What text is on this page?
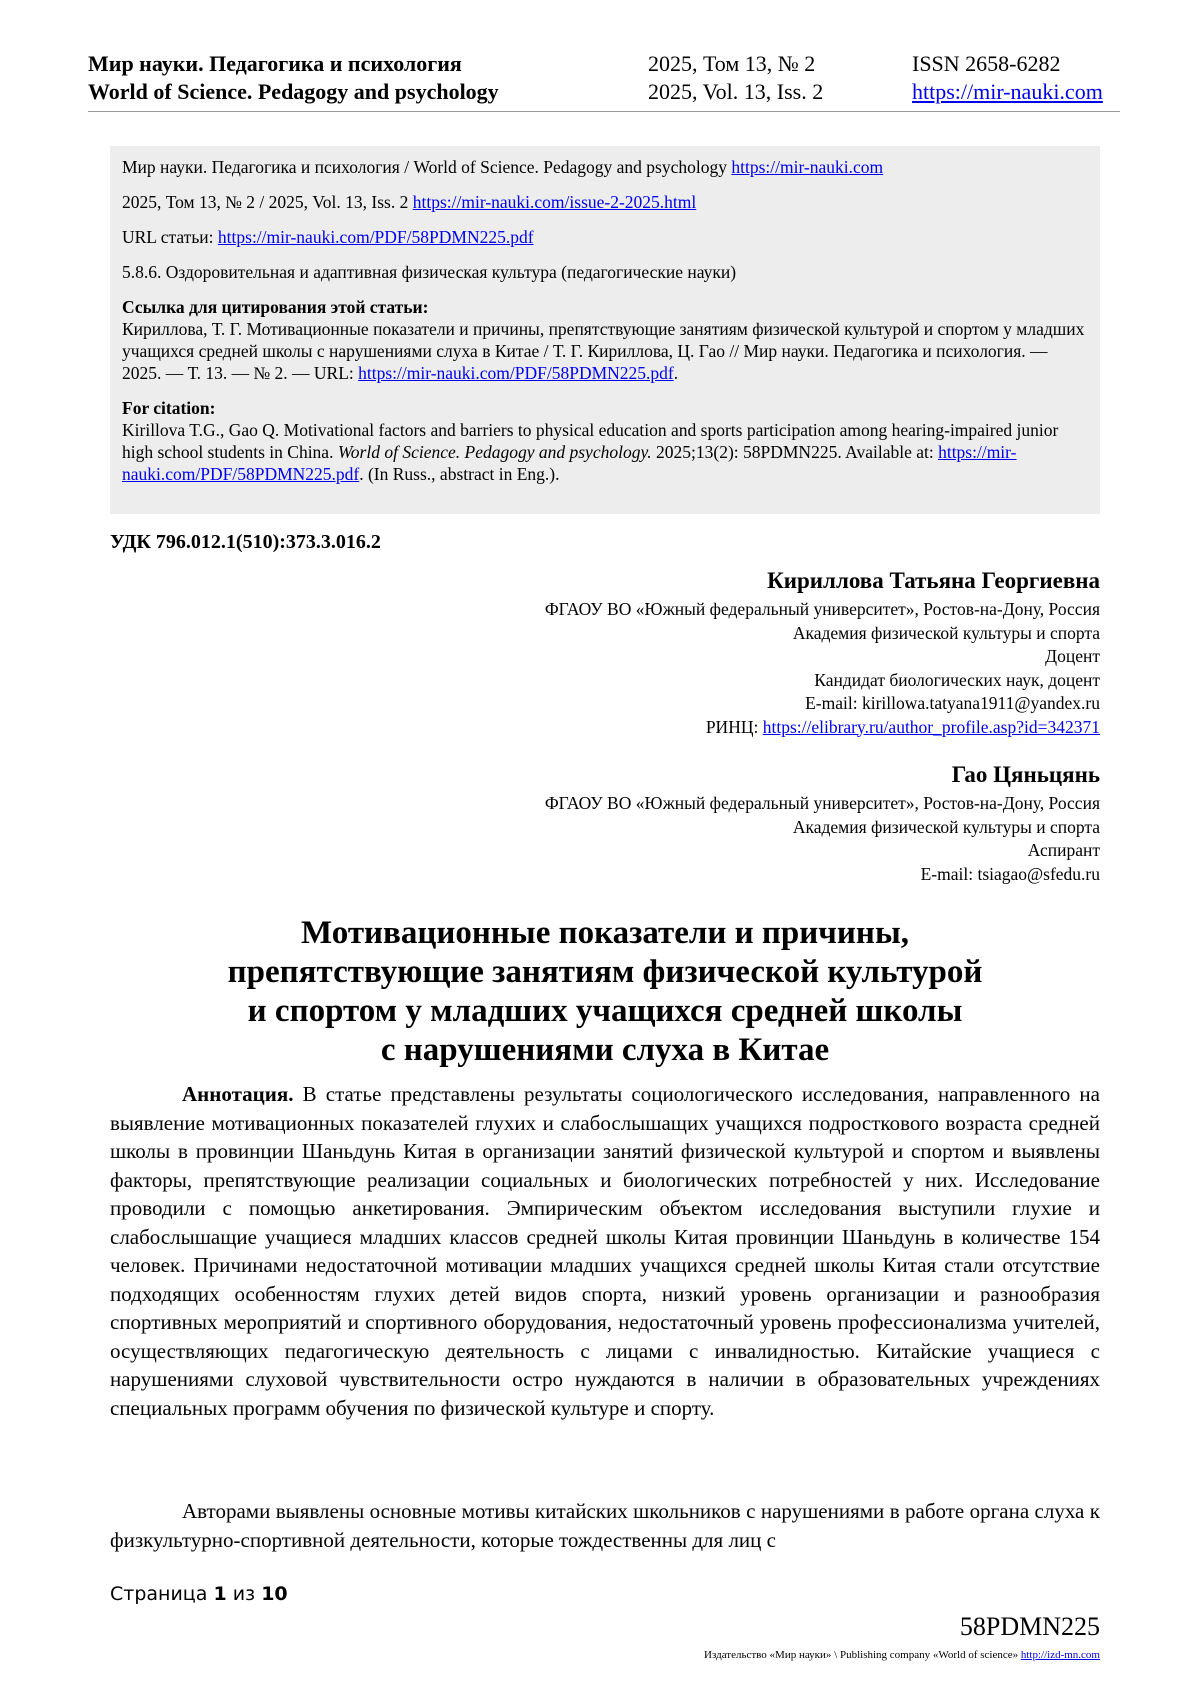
Мир науки. Педагогика и психология
World of Science. Pedagogy and psychology
2025, Том 13, № 2
2025, Vol. 13, Iss. 2
ISSN 2658-6282
https://mir-nauki.com

Мир науки. Педагогика и психология / World of Science. Pedagogy and psychology https://mir-nauki.com

2025, Том 13, № 2 / 2025, Vol. 13, Iss. 2 https://mir-nauki.com/issue-2-2025.html

URL статьи: https://mir-nauki.com/PDF/58PDMN225.pdf

5.8.6. Оздоровительная и адаптивная физическая культура (педагогические науки)

Ссылка для цитирования этой статьи:

Кириллова, Т. Г. Мотивационные показатели и причины, препятствующие занятиям физической культурой и спортом у младших учащихся средней школы с нарушениями слуха в Китае / Т. Г. Кириллова, Ц. Гао // Мир науки. Педагогика и психология. — 2025. — Т. 13. — № 2. — URL: https://mir-nauki.com/PDF/58PDMN225.pdf.

For citation:

Kirillova T.G., Gao Q. Motivational factors and barriers to physical education and sports participation among hearing-impaired junior high school students in China. World of Science. Pedagogy and psychology. 2025;13(2): 58PDMN225. Available at: https://mir-nauki.com/PDF/58PDMN225.pdf. (In Russ., abstract in Eng.).

УДК 796.012.1(510):373.3.016.2
Кириллова Татьяна Георгиевна
ФГАОУ ВО «Южный федеральный университет», Ростов-на-Дону, Россия
Академия физической культуры и спорта
Доцент
Кандидат биологических наук, доцент
E-mail: kirillowa.tatyana1911@yandex.ru
РИНЦ: https://elibrary.ru/author_profile.asp?id=342371
Гао Цяньцянь
ФГАОУ ВО «Южный федеральный университет», Ростов-на-Дону, Россия
Академия физической культуры и спорта
Аспирант
E-mail: tsiagao@sfedu.ru
Мотивационные показатели и причины,
препятствующие занятиям физической культурой
и спортом у младших учащихся средней школы
с нарушениями слуха в Китае

Аннотация. В статье представлены результаты социологического исследования, направленного на выявление мотивационных показателей глухих и слабослышащих учащихся подросткового возраста средней школы в провинции Шаньдунь Китая в организации занятий физической культурой и спортом и выявлены факторы, препятствующие реализации социальных и биологических потребностей у них. Исследование проводили с помощью анкетирования. Эмпирическим объектом исследования выступили глухие и слабослышащие учащиеся младших классов средней школы Китая провинции Шаньдунь в количестве 154 человек. Причинами недостаточной мотивации младших учащихся средней школы Китая стали отсутствие подходящих особенностям глухих детей видов спорта, низкий уровень организации и разнообразия спортивных мероприятий и спортивного оборудования, недостаточный уровень профессионализма учителей, осуществляющих педагогическую деятельность с лицами с инвалидностью. Китайские учащиеся с нарушениями слуховой чувствительности остро нуждаются в наличии в образовательных учреждениях специальных программ обучения по физической культуре и спорту.

Авторами выявлены основные мотивы китайских школьников с нарушениями в работе органа слуха к физкультурно-спортивной деятельности, которые тождественны для лиц с

Страница 1 из 10
58PDMN225
Издательство «Мир науки» \ Publishing company «World of science» http://izd-mn.com
